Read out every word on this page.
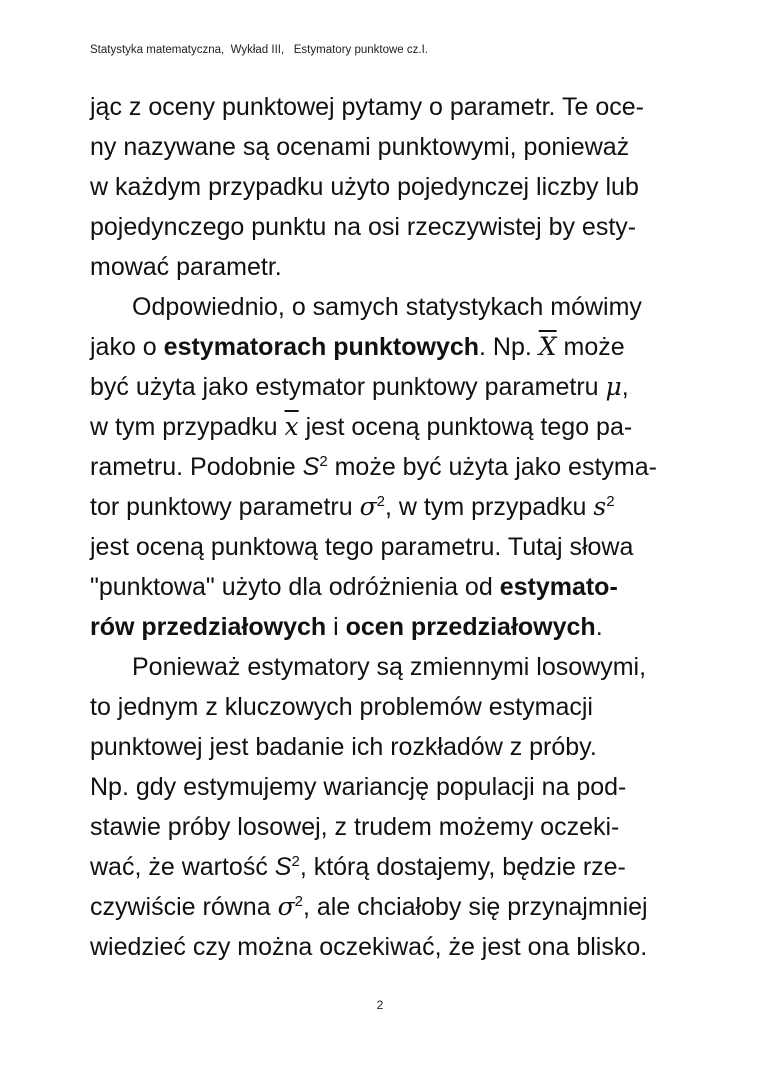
Statystyka matematyczna,  Wykład III,   Estymatory punktowe cz.I.
jąc z oceny punktowej pytamy o parametr. Te oce-
ny nazywane są ocenami punktowymi, ponieważ
w każdym przypadku użyto pojedynczej liczby lub
pojedynczego punktu na osi rzeczywistej by esty-
mować parametr.
Odpowiednio, o samych statystykach mówimy
jako o estymatorach punktowych. Np. $\overline{X}$ może
być użyta jako estymator punktowy parametru μ,
w tym przypadku $\overline{x}$ jest oceną punktową tego pa-
rametru. Podobnie $S^2$ może być użyta jako estyma-
tor punktowy parametru $\sigma^2$, w tym przypadku $s^2$
jest oceną punktową tego parametru. Tutaj słowa
"punktowa" użyto dla odróżnienia od estymato-
rów przedziałowych i ocen przedziałowych.
Ponieważ estymatory są zmiennymi losowymi,
to jednym z kluczowych problemów estymacji
punktowej jest badanie ich rozkładów z próby.
Np. gdy estymujemy wariancję populacji na pod-
stawie próby losowej, z trudem możemy oczeki-
wać, że wartość $S^2$, którą dostajemy, będzie rze-
czywiście równa $\sigma^2$, ale chciałoby się przynajmniej
wiedzieć czy można oczekiwać, że jest ona blisko.
2
